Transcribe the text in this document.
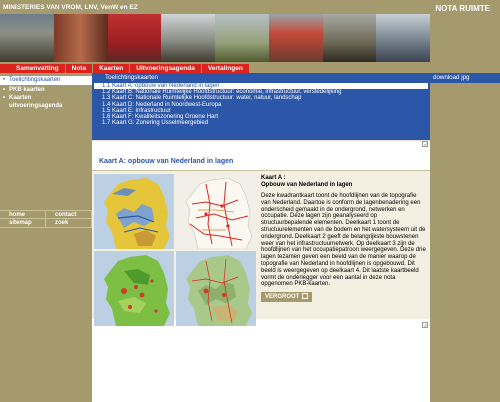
MINISTERIES VAN VROM, LNV, VenW en EZ	NOTA RUIMTE
Samenvatting	Nota	Kaarten	Uitvoeringsagenda	Vertalingen
• Toelichtingskaarten
• PKB kaarten
• Kaarten uitvoeringsagenda
home	contact
sitemap	zoek
Toelichtingskaarten
1.1 Kaart A: opbouw van Nederland in lagen
1.2 Kaart B: Nationale Ruimtelijke Hoofdstructuur: economie, infrastructuur, verstedelijking
1.3 Kaart C: Nationale Ruimtelijke Hoofdstructuur: water, natuur, landschap
1.4 Kaart D: Nederland in Noordwest-Europa
1.5 Kaart E: Infrastructuur
1.6 Kaart F: Kwaliteitszonering Groene Hart
1.7 Kaart G: Zonering Usselmeergebied
download jpg
Kaart A: opbouw van Nederland in lagen
Kaart A :
Opbouw van Nederland in lagen
Deze kwadrantkaart toont de hoofdlijnen van de topografie van Nederland. Daartoe is conform de lagenbenadering een onderscheid gemaakt in de ondergrond, netwerken en occupatie. Deze lagen zijn geanalyseerd op structuurbepalende elementen. Deelkaart 1 toont de structuurelementen van de bodem en het watersysteem uit de ondergrond. Deelkaart 2 geeft de belangrijkste bouwstenen weer van het infrastructuurnetwerk. Op deelkaart 3 zijn de hoofdlijnen van het occupatiepatroon weergegeven. Deze drie lagen tezamen geven een beeld van de manier waarop de topografie van Nederland in hoofdlijnen is opgebouwd. Dit beeld is weergegeven op deelkaart 4. Dit laatste kaartbeeld vormt de onderlegger voor een aantal in deze nota opgenomen PKB-kaarten.
VERGROOT
